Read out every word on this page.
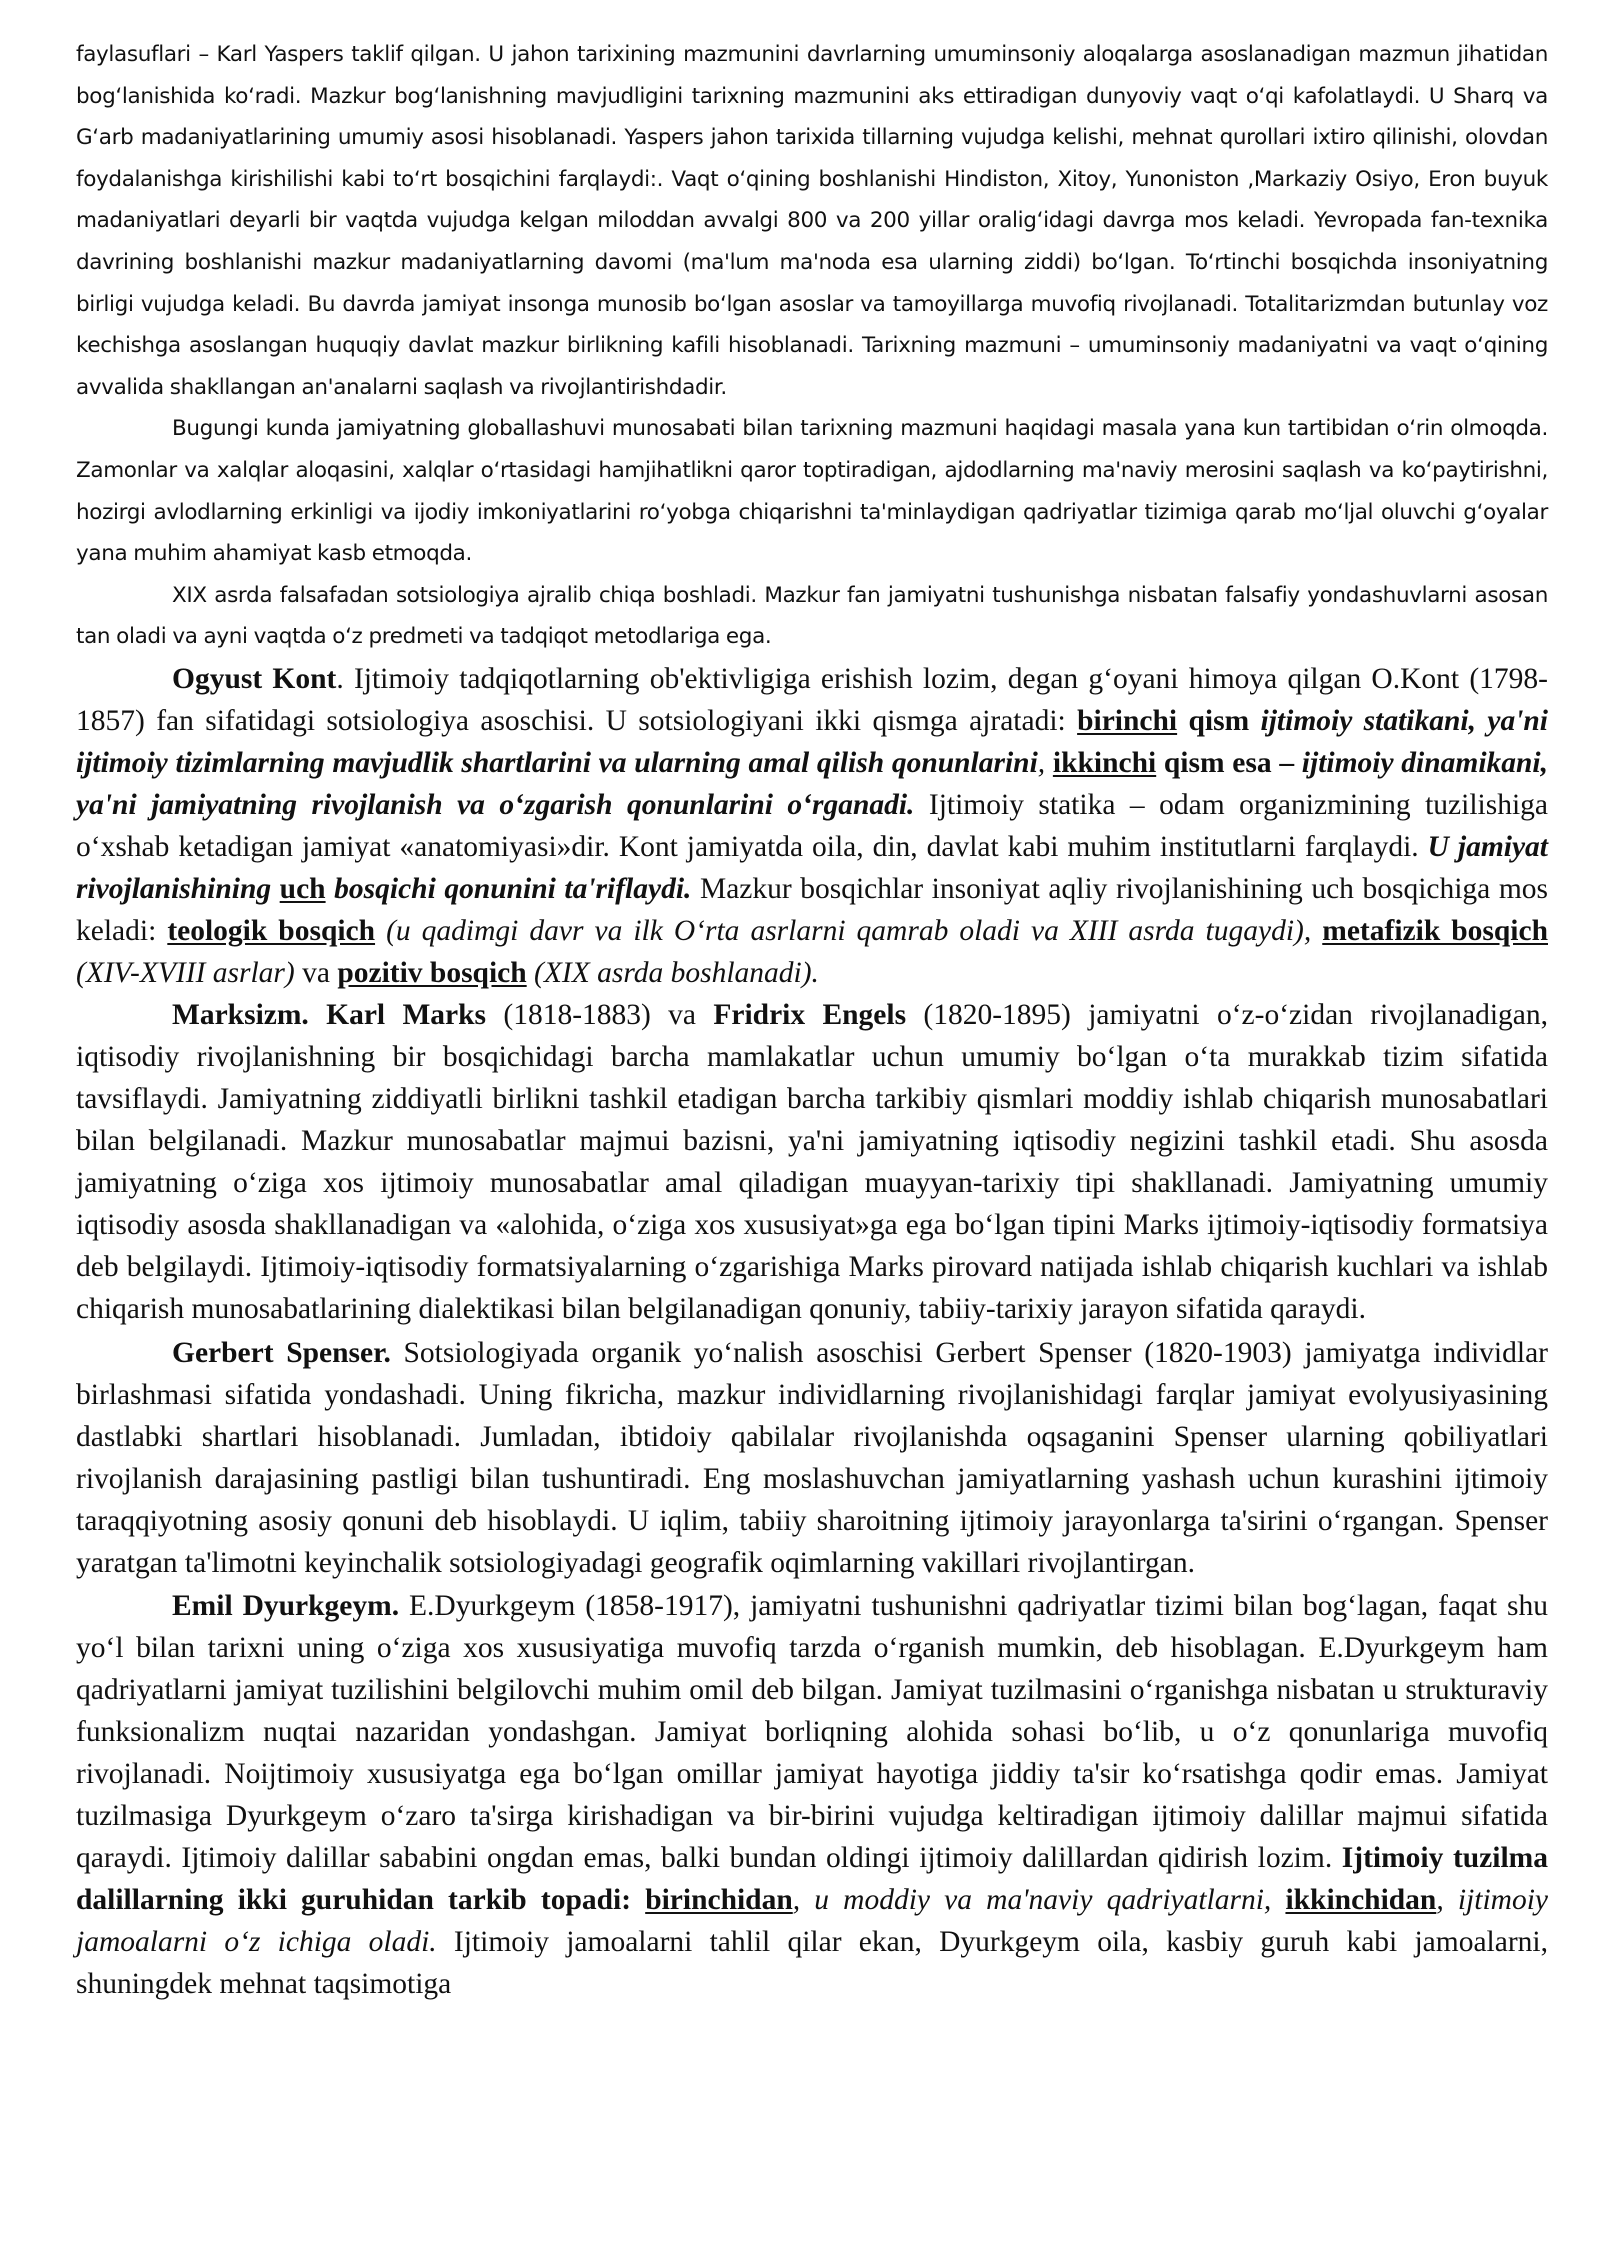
faylasuflari – Karl Yaspers taklif qilgan. U jahon tarixining mazmunini davrlarning umuminsoniy aloqalarga asoslanadigan mazmun jihatidan bog‘lanishida ko‘radi. Mazkur bog‘lanishning mavjudligini tarixning mazmunini aks ettiradigan dunyoviy vaqt o‘qi kafolatlaydi. U Sharq va G‘arb madaniyatlarining umumiy asosi hisoblanadi. Yaspers jahon tarixida tillarning vujudga kelishi, mehnat qurollari ixtiro qilinishi, olovdan foydalanishga kirishilishi kabi to‘rt bosqichini farqlaydi:. Vaqt o‘qining boshlanishi Hindiston, Xitoy, Yunoniston ,Markaziy Osiyo, Eron buyuk madaniyatlari deyarli bir vaqtda vujudga kelgan miloddan avvalgi 800 va 200 yillar oralig‘idagi davrga mos keladi. Yevropada fan-texnika davrining boshlanishi mazkur madaniyatlarning davomi (ma'lum ma'noda esa ularning ziddi) bo‘lgan. To‘rtinchi bosqichda insoniyatning birligi vujudga keladi. Bu davrda jamiyat insonga munosib bo‘lgan asoslar va tamoyillarga muvofiq rivojlanadi. Totalitarizmdan butunlay voz kechishga asoslangan huquqiy davlat mazkur birlikning kafili hisoblanadi. Tarixning mazmuni – umuminsoniy madaniyatni va vaqt o‘qining avvalida shakllangan an'analarni saqlash va rivojlantirishdadir.

Bugungi kunda jamiyatning globallashuvi munosabati bilan tarixning mazmuni haqidagi masala yana kun tartibidan o‘rin olmoqda. Zamonlar va xalqlar aloqasini, xalqlar o‘rtasidagi hamjihatlikni qaror toptiradigan, ajdodlarning ma'naviy merosini saqlash va ko‘paytirishni, hozirgi avlodlarning erkinligi va ijodiy imkoniyatlarini ro‘yobga chiqarishni ta'minlaydigan qadriyatlar tizimiga qarab mo‘ljal oluvchi g‘oyalar yana muhim ahamiyat kasb etmoqda.

XIX asrda falsafadan sotsiologiya ajralib chiqa boshladi. Mazkur fan jamiyatni tushunishga nisbatan falsafiy yondashuvlarni asosan tan oladi va ayni vaqtda o‘z predmeti va tadqiqot metodlariga ega.

Ogyust Kont. Ijtimoiy tadqiqotlarning ob'ektivligiga erishish lozim, degan g‘oyani himoya qilgan O.Kont (1798-1857) fan sifatidagi sotsiologiya asoschisi. U sotsiologiyani ikki qismga ajratadi: birinchi qism ijtimoiy statikani, ya'ni ijtimoiy tizimlarning mavjudlik shartlarini va ularning amal qilish qonunlarini, ikkinchi qism esa – ijtimoiy dinamikani, ya'ni jamiyatning rivojlanish va o‘zgarish qonunlarini o‘rganadi. Ijtimoiy statika – odam organizmining tuzilishiga o‘xshab ketadigan jamiyat «anatomiyasi»dir. Kont jamiyatda oila, din, davlat kabi muhim institutlarni farqlaydi. U jamiyat rivojlanishining uch bosqichi qonunini ta'riflaydi. Mazkur bosqichlar insoniyat aqliy rivojlanishining uch bosqichiga mos keladi: teologik bosqich (u qadimgi davr va ilk O‘rta asrlarni qamrab oladi va XIII asrda tugaydi), metafizik bosqich (XIV-XVIII asrlar) va pozitiv bosqich (XIX asrda boshlanadi).

Marksizm. Karl Marks (1818-1883) va Fridrix Engels (1820-1895) jamiyatni o‘z-o‘zidan rivojlanadigan, iqtisodiy rivojlanishning bir bosqichidagi barcha mamlakatlar uchun umumiy bo‘lgan o‘ta murakkab tizim sifatida tavsiflaydi. Jamiyatning ziddiyatli birlikni tashkil etadigan barcha tarkibiy qismlari moddiy ishlab chiqarish munosabatlari bilan belgilanadi. Mazkur munosabatlar majmui bazisni, ya'ni jamiyatning iqtisodiy negizini tashkil etadi. Shu asosda jamiyatning o‘ziga xos ijtimoiy munosabatlar amal qiladigan muayyan-tarixiy tipi shakllanadi. Jamiyatning umumiy iqtisodiy asosda shakllanadigan va «alohida, o‘ziga xos xususiyat»ga ega bo‘lgan tipini Marks ijtimoiy-iqtisodiy formatsiya deb belgilaydi. Ijtimoiy-iqtisodiy formatsiyalarning o‘zgarishiga Marks pirovard natijada ishlab chiqarish kuchlari va ishlab chiqarish munosabatlarining dialektikasi bilan belgilanadigan qonuniy, tabiiy-tarixiy jarayon sifatida qaraydi.

Gerbert Spenser. Sotsiologiyada organik yo‘nalish asoschisi Gerbert Spenser (1820-1903) jamiyatga individlar birlashmasi sifatida yondashadi. Uning fikricha, mazkur individlarning rivojlanishidagi farqlar jamiyat evolyusiyasining dastlabki shartlari hisoblanadi. Jumladan, ibtidoiy qabilalar rivojlanishda oqsaganini Spenser ularning qobiliyatlari rivojlanish darajasining pastligi bilan tushuntiradi. Eng moslashuvchan jamiyatlarning yashash uchun kurashini ijtimoiy taraqqiyotning asosiy qonuni deb hisoblaydi. U iqlim, tabiiy sharoitning ijtimoiy jarayonlarga ta'sirini o‘rgangan. Spenser yaratgan ta'limotni keyinchalik sotsiologiyadagi geografik oqimlarning vakillari rivojlantirgan.

Emil Dyurkgeym. E.Dyurkgeym (1858-1917), jamiyatni tushunishni qadriyatlar tizimi bilan bog‘lagan, faqat shu yo‘l bilan tarixni uning o‘ziga xos xususiyatiga muvofiq tarzda o‘rganish mumkin, deb hisoblagan. E.Dyurkgeym ham qadriyatlarni jamiyat tuzilishini belgilovchi muhim omil deb bilgan. Jamiyat tuzilmasini o‘rganishga nisbatan u strukturaviy funksionalizm nuqtai nazaridan yondashgan. Jamiyat borliqning alohida sohasi bo‘lib, u o‘z qonunlariga muvofiq rivojlanadi. Noijtimoiy xususiyatga ega bo‘lgan omillar jamiyat hayotiga jiddiy ta'sir ko‘rsatishga qodir emas. Jamiyat tuzilmasiga Dyurkgeym o‘zaro ta'sirga kirishadigan va bir-birini vujudga keltiradigan ijtimoiy dalillar majmui sifatida qaraydi. Ijtimoiy dalillar sababini ongdan emas, balki bundan oldingi ijtimoiy dalillardan qidirish lozim. Ijtimoiy tuzilma dalillarning ikki guruhidan tarkib topadi: birinchidan, u moddiy va ma'naviy qadriyatlarni, ikkinchidan, ijtimoiy jamoalarni o‘z ichiga oladi. Ijtimoiy jamoalarni tahlil qilar ekan, Dyurkgeym oila, kasbiy guruh kabi jamoalarni, shuningdek mehnat taqsimotiga
